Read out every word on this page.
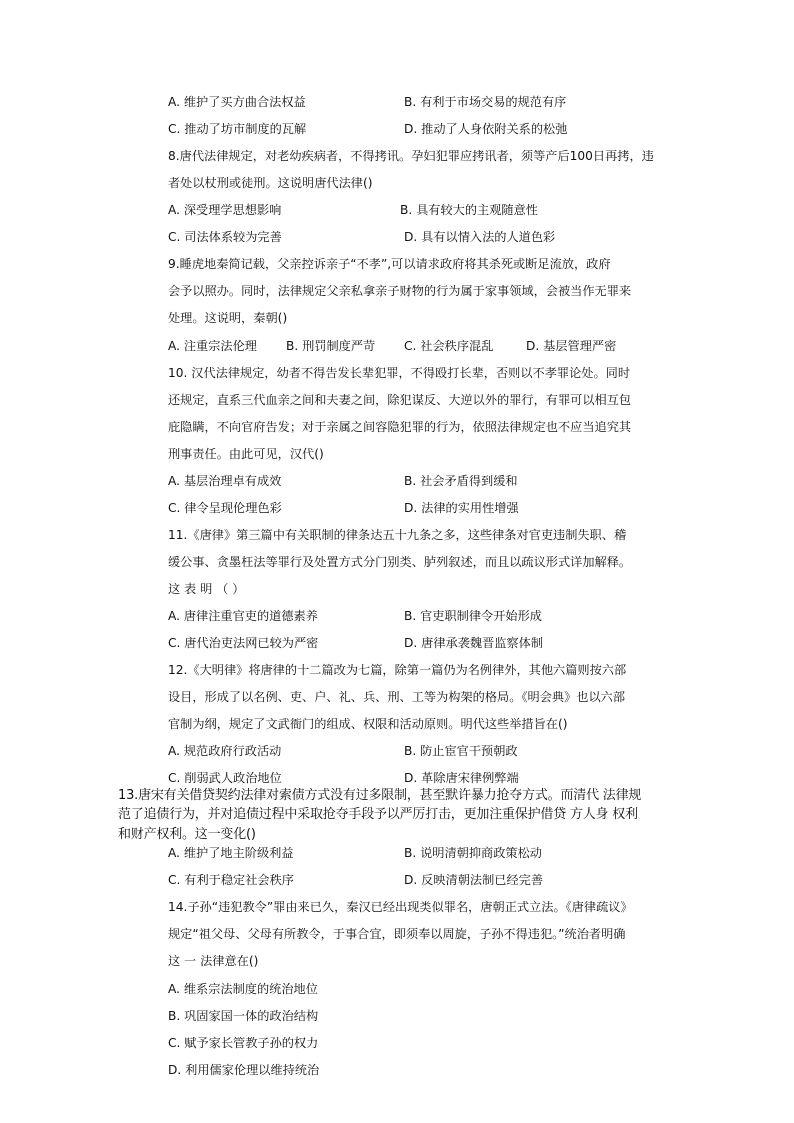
A. 维护了买方曲合法权益	B. 有利于市场交易的规范有序
C. 推动了坊市制度的瓦解	D. 推动了人身依附关系的松弛
8.唐代法律规定，对老幼疾病者，不得拷讯。孕妇犯罪应拷讯者，须等产后100日再拷，违
者处以杖刑或徒刑。这说明唐代法律()
A. 深受理学思想影响	B. 具有较大的主观随意性
C. 司法体系较为完善	D. 具有以情入法的人道色彩
9.睡虎地秦简记载，父亲控诉亲子“不孝”,可以请求政府将其杀死或断足流放，政府
会予以照办。同时，法律规定父亲私拿亲子财物的行为属于家事领域，会被当作无罪来
处理。这说明，秦朝()
A. 注重宗法伦理 B. 刑罚制度严苛 C. 社会秩序混乱	D. 基层管理严密
10. 汉代法律规定，幼者不得告发长辈犯罪，不得殴打长辈，否则以不孝罪论处。同时
还规定，直系三代血亲之间和夫妻之间，除犯谋反、大逆以外的罪行，有罪可以相互包
庇隐瞒，不向官府告发；对于亲属之间容隐犯罪的行为，依照法律规定也不应当追究其
刑事责任。由此可见，汉代()
A. 基层治理卓有成效	B. 社会矛盾得到缓和
C. 律令呈现伦理色彩	D. 法律的实用性增强
11.《唐律》第三篇中有关职制的律条达五十九条之多，这些律条对官吏违制失职、稽
缓公事、贪墨枉法等罪行及处置方式分门别类、胪列叙述，而且以疏议形式详加解释。
这 表 明 （ ）
A. 唐律注重官吏的道德素养	B. 官吏职制律令开始形成
C. 唐代治吏法网已较为严密	D. 唐律承袭魏晋监察体制
12.《大明律》将唐律的十二篇改为七篇，除第一篇仍为名例律外，其他六篇则按六部
设目，形成了以名例、吏、户、礼、兵、刑、工等为构架的格局。《明会典》也以六部
官制为纲，规定了文武衙门的组成、权限和活动原则。明代这些举措旨在()
A. 规范政府行政活动	B. 防止宦官干预朝政
C. 削弱武人政治地位	D. 革除唐宋律例弊端
13.唐宋有关借贷契约法律对索债方式没有过多限制，甚至默许暴力抢夺方式。而清代 法律规
范了追债行为，并对追债过程中采取抢夺手段予以严厉打击，更加注重保护借贷 方人身 权利
和财产权利。这一变化()
A. 维护了地主阶级利益	B. 说明清朝抑商政策松动
C. 有利于稳定社会秩序	D. 反映清朝法制已经完善
14.子孙“违犯教令”罪由来已久，秦汉已经出现类似罪名，唐朝正式立法。《唐律疏议》
规定“祖父母、父母有所教令，于事合宜，即须奉以周旋，子孙不得违犯。”统治者明确
这 一 法律意在()
A. 维系宗法制度的统治地位
B. 巩固家国一体的政治结构
C. 赋予家长管教子孙的权力
D. 利用儒家伦理以维持统治
